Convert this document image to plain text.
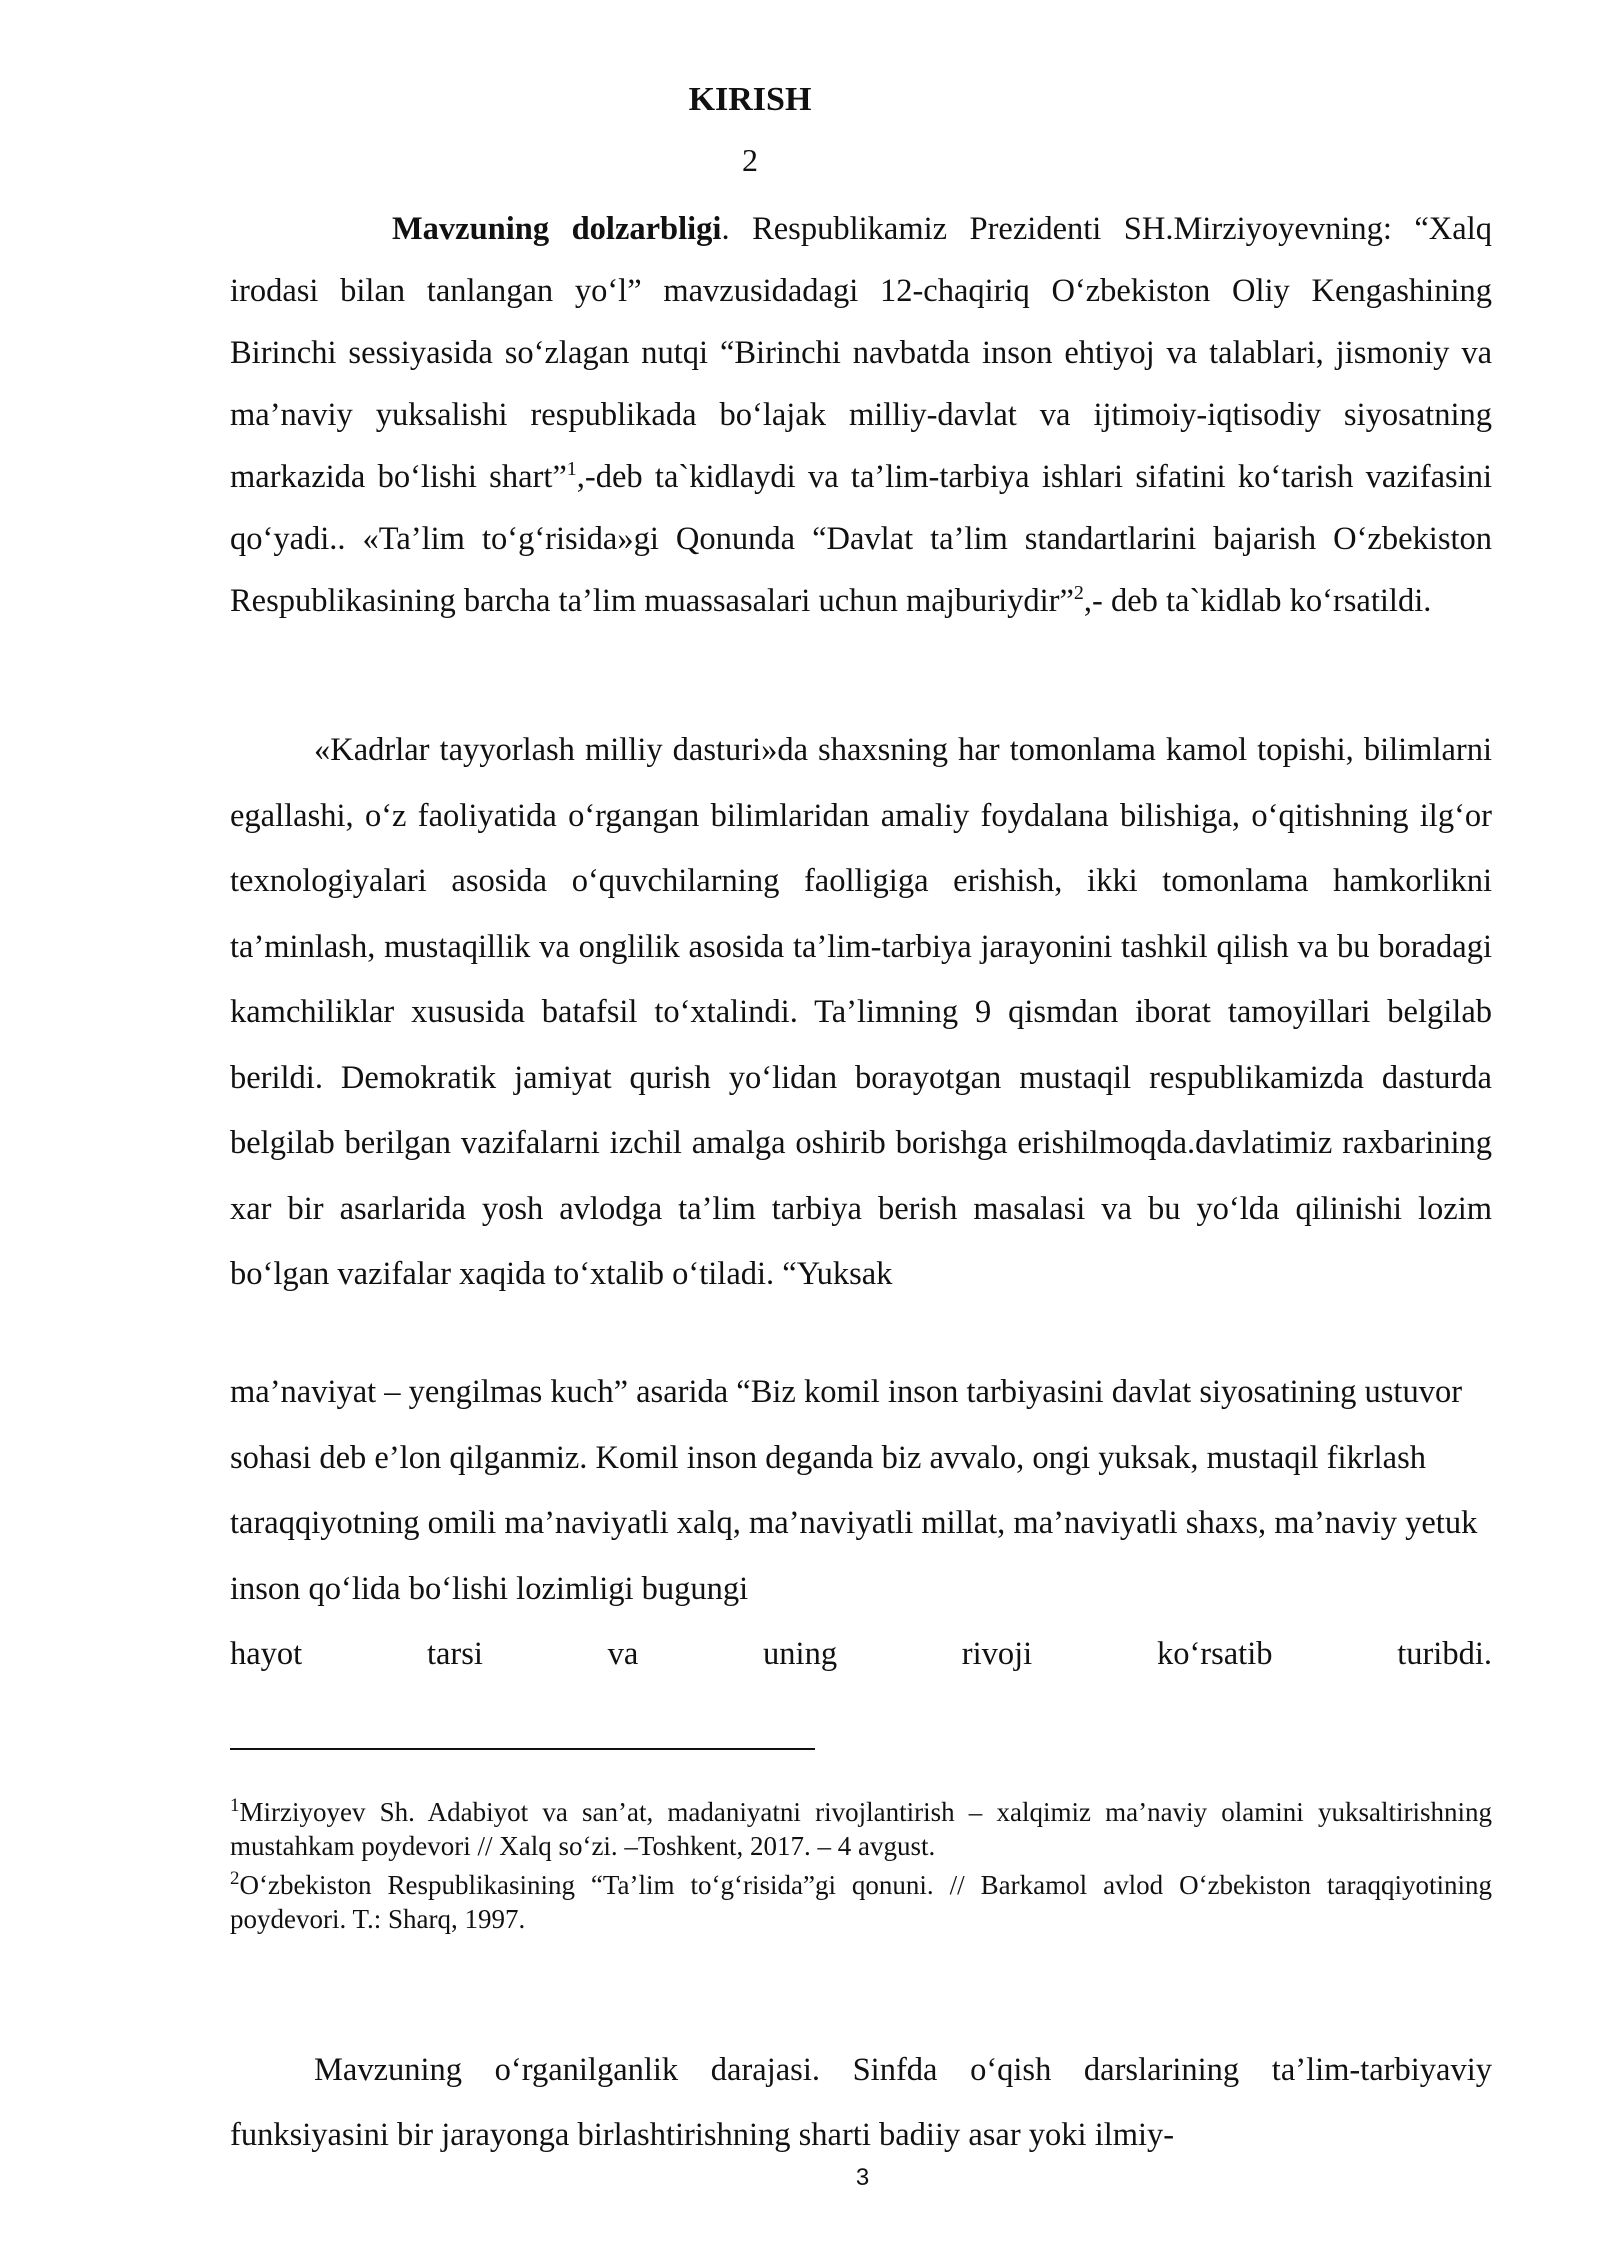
KIRISH
2

Mavzuning dolzarbligi. Respublikamiz Prezidenti SH.Mirziyoyevning: “Xalq irodasi bilan tanlangan yo‘l” mavzusidadagi 12-chaqiriq O‘zbekiston Oliy Kengashining Birinchi sessiyasida so‘zlagan nutqi “Birinchi navbatda inson ehtiyoj va talablari, jismoniy va ma’naviy yuksalishi respublikada bo‘lajak milliy-davlat va ijtimoiy-iqtisodiy siyosatning markazida bo‘lishi shart”$^1$,-deb ta`kidlaydi va ta’lim-tarbiya ishlari sifatini ko‘tarish vazifasini qo‘yadi.. «Ta’lim to‘g‘risida»gi Qonunda “Davlat ta’lim standartlarini bajarish O‘zbekiston Respublikasining barcha ta’lim muassasalari uchun majburiydir”$^2$,- deb ta`kidlab ko‘rsatildi.

«Kadrlar tayyorlash milliy dasturi»da shaxsning har tomonlama kamol topishi, bilimlarni egallashi, o‘z faoliyatida o‘rgangan bilimlaridan amaliy foydalana bilishiga, o‘qitishning ilg‘or texnologiyalari asosida o‘quvchilarning faolligiga erishish, ikki tomonlama hamkorlikni ta’minlash, mustaqillik va onglilik asosida ta’lim-tarbiya jarayonini tashkil qilish va bu boradagi kamchiliklar xususida batafsil to‘xtalindi. Ta’limning 9 qismdan iborat tamoyillari belgilab berildi. Demokratik jamiyat qurish yo‘lidan borayotgan mustaqil respublikamizda dasturda belgilab berilgan vazifalarni izchil amalga oshirib borishga erishilmoqda.davlatimiz raxbarining xar bir asarlarida yosh avlodga ta’lim tarbiya berish masalasi va bu yo‘lda qilinishi lozim bo‘lgan vazifalar xaqida to‘xtalib o‘tiladi. “Yuksak

ma’naviyat – yengilmas kuch” asarida “Biz komil inson tarbiyasini davlat siyosatining ustuvor sohasi deb e’lon qilganmiz. Komil inson deganda biz avvalo, ongi yuksak, mustaqil fikrlash taraqqiyotning omili ma’naviyatli xalq, ma’naviyatli millat, ma’naviyatli shaxs, ma’naviy yetuk inson qo‘lida bo‘lishi lozimligi bugungi
hayot tarsi va uning rivoji ko‘rsatib turibdi.

$^1$Mirziyoyev Sh. Adabiyot va san’at, madaniyatni rivojlantirish – xalqimiz ma’naviy olamini yuksaltirishning mustahkam poydevori // Xalq so‘zi. –Toshkent, 2017. – 4 avgust.

$^2$O‘zbekiston Respublikasining “Ta’lim to‘g‘risida”gi qonuni. // Barkamol avlod O‘zbekiston taraqqiyotining poydevori. T.: Sharq, 1997.

Mavzuning o‘rganilganlik darajasi. Sinfda o‘qish darslarining ta’lim-tarbiyaviy funksiyasini bir jarayonga birlashtirishning sharti badiiy asar yoki ilmiy-

3
